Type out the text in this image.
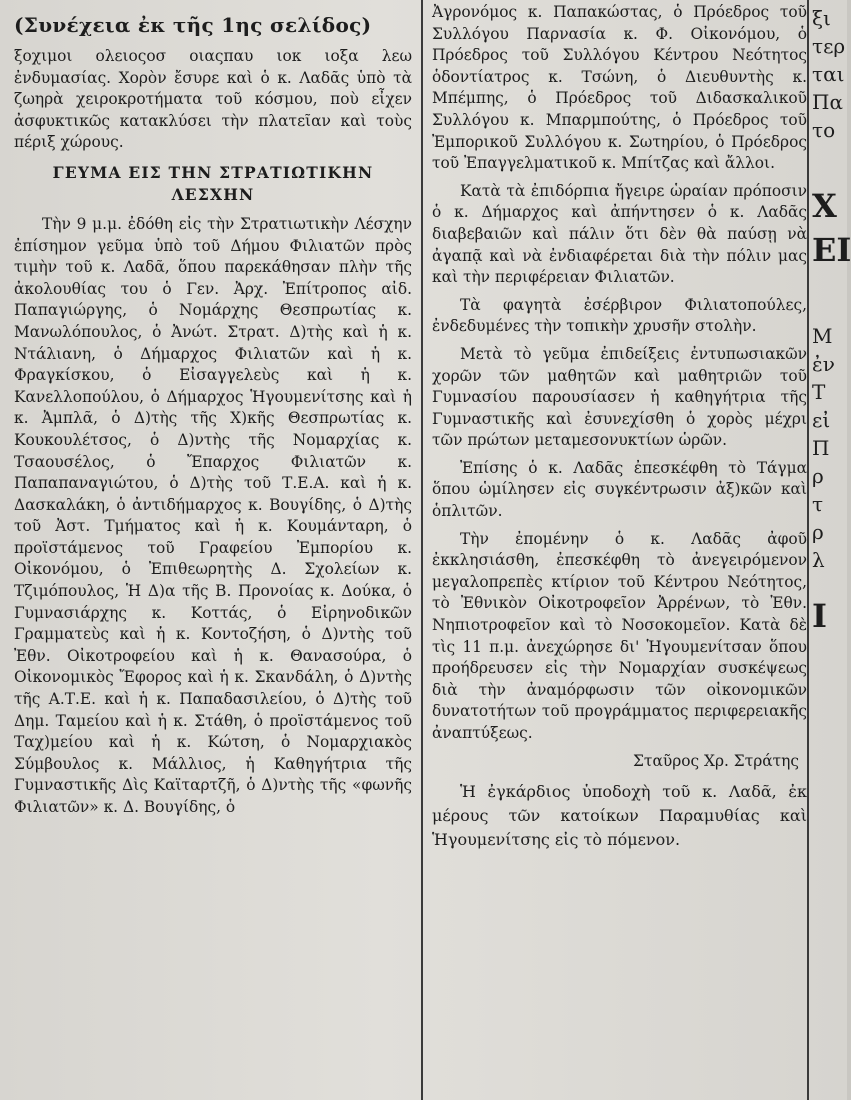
(Συνέχεια ἐκ τῆς 1ης σελίδος)

ξοχιμοι ολειοςοσ οιαςπαυ ιοκ ιοξα λεω ἐνδυμασίας. Χορὸν ἔσυρε καὶ ὁ κ. Λαδᾶς ὑπὸ τὰ ζωηρὰ χειροκροτήματα τοῦ κόσμου, ποὺ εἶχεν ἀσφυκτικῶς κατακλύσει τὴν πλατεῖαν καὶ τοὺς πέριξ χώρους.

ΓΕΥΜΑ ΕΙΣ ΤΗΝ ΣΤΡΑΤΙΩΤΙΚΗΝ ΛΕΣΧΗΝ

Τὴν 9 μ.μ. ἐδόθη εἰς τὴν Στρατιωτικὴν Λέσχην ἐπίσημον γεῦμα ὑπὸ τοῦ Δήμου Φιλιατῶν πρὸς τιμὴν τοῦ κ. Λαδᾶ, ὅπου παρεκάθησαν πλὴν τῆς ἀκολουθίας του ὁ Γεν. Ἀρχ. Ἐπίτροπος αἰδ. Παπαγιώργης, ὁ Νομάρχης Θεσπρωτίας κ. Μανωλόπουλος, ὁ Ἀνώτ. Στρατ. Δ)τὴς καὶ ἡ κ. Ντάλιανη, ὁ Δήμαρχος Φιλιατῶν καὶ ἡ κ. Φραγκίσκου, ὁ Εἰσαγγελεὺς καὶ ἡ κ. Κανελλοπούλου, ὁ Δήμαρχος Ἡγουμενίτσης καὶ ἡ κ. Ἀμπλᾶ, ὁ Δ)τὴς τῆς Χ)κῆς Θεσπρωτίας κ. Κουκουλέτσος, ὁ Δ)ντὴς τῆς Νομαρχίας κ. Τσαουσέλος, ὁ Ἔπαρχος Φιλιατῶν κ. Παπαπαναγιώτου, ὁ Δ)τὴς τοῦ Τ.Ε.Α. καὶ ἡ κ. Δασκαλάκη, ὁ ἀντιδήμαρχος κ. Βουγίδης, ὁ Δ)τὴς τοῦ Ἀστ. Τμήματος καὶ ἡ κ. Κουμάνταρη, ὁ προϊστάμενος τοῦ Γραφείου Ἐμπορίου κ. Οἰκονόμου, ὁ Ἐπιθεωρητὴς Δ. Σχολείων κ. Τζιμόπουλος, Ἡ Δ)α τῆς Β. Προνοίας κ. Δούκα, ὁ Γυμνασιάρχης κ. Κοττάς, ὁ Εἰρηνοδικῶν Γραμματεὺς καὶ ἡ κ. Κοντοζήση, ὁ Δ)ντὴς τοῦ Ἐθν. Οἰκοτροφείου καὶ ἡ κ. Θανασούρα, ὁ Οἰκονομικὸς Ἔφορος καὶ ἡ κ. Σκανδάλη, ὁ Δ)ντὴς τῆς Α.Τ.Ε. καὶ ἡ κ. Παπαδασιλείου, ὁ Δ)τὴς τοῦ Δημ. Ταμείου καὶ ἡ κ. Στάθη, ὁ προϊστάμενος τοῦ Ταχ)μείου καὶ ἡ κ. Κώτση, ὁ Νομαρχιακὸς Σύμβουλος κ. Μάλλιος, ἡ Καθηγήτρια τῆς Γυμναστικῆς Δὶς Καϊταρτζῆ, ὁ Δ)ντὴς τῆς «φωνῆς Φιλιατῶν» κ. Δ. Βουγίδης, ὁ

Ἀγρονόμος κ. Παπακώστας, ὁ Πρόεδρος τοῦ Συλλόγου Παρνασία κ. Φ. Οἰκονόμου, ὁ Πρόεδρος τοῦ Συλλόγου Κέντρου Νεότητος ὁδοντίατρος κ. Τσώνη, ὁ Διευθυντὴς κ. Μπέμπης, ὁ Πρόεδρος τοῦ Διδασκαλικοῦ Συλλόγου κ. Μπαρμπούτης, ὁ Πρόεδρος τοῦ Ἐμπορικοῦ Συλλόγου κ. Σωτηρίου, ὁ Πρόεδρος τοῦ Ἐπαγγελματικοῦ κ. Μπίτζας καὶ ἄλλοι.

Κατὰ τὰ ἐπιδόρπια ἤγειρε ὡραίαν πρόποσιν ὁ κ. Δήμαρχος καὶ ἀπήντησεν ὁ κ. Λαδᾶς διαβεβαιῶν καὶ πάλιν ὅτι δὲν θὰ παύσῃ νὰ ἀγαπᾷ καὶ νὰ ἐνδιαφέρεται διὰ τὴν πόλιν μας καὶ τὴν περιφέρειαν Φιλιατῶν.

Τὰ φαγητὰ ἐσέρβιρον Φιλιατοπούλες, ἐνδεδυμένες τὴν τοπικὴν χρυσῆν στολὴν.

Μετὰ τὸ γεῦμα ἐπιδείξεις ἐντυπωσιακῶν χορῶν τῶν μαθητῶν καὶ μαθητριῶν τοῦ Γυμνασίου παρουσίασεν ἡ καθηγήτρια τῆς Γυμναστικῆς καὶ ἐσυνεχίσθη ὁ χορὸς μέχρι τῶν πρώτων μεταμεσονυκτίων ὡρῶν.

Ἐπίσης ὁ κ. Λαδᾶς ἐπεσκέφθη τὸ Τάγμα ὅπου ὡμίλησεν εἰς συγκέντρωσιν ἀξ)κῶν καὶ ὁπλιτῶν.

Τὴν ἐπομένην ὁ κ. Λαδᾶς ἀφοῦ ἐκκλησιάσθη, ἐπεσκέφθη τὸ ἀνεγειρόμενον μεγαλοπρεπὲς κτίριον τοῦ Κέντρου Νεότητος, τὸ Ἐθνικὸν Οἰκοτροφεῖον Ἀρρένων, τὸ Ἐθν. Νηπιοτροφεῖον καὶ τὸ Νοσοκομεῖον. Κατὰ δὲ τὶς 11 π.μ. ἀνεχώρησε δι' Ἡγουμενίτσαν ὅπου προήδρευσεν εἰς τὴν Νομαρχίαν συσκέψεως διὰ τὴν ἀναμόρφωσιν τῶν οἰκονομικῶν δυνατοτήτων τοῦ προγράμματος περιφερειακῆς ἀναπτύξεως.

Σταῦρος Χρ. Στράτης

Ἡ ἐγκάρδιος ὑποδοχὴ τοῦ κ. Λαδᾶ, ἐκ μέρους τῶν κατοίκων Παραμυθίας καὶ Ἡγουμενίτσης εἰς τὸ πόμενον.

ξι
τερ
ται
Πα
το
Χ
ΕΙ
Μ
ἐν
Τ
εἰ
Π
ρ
τ
ρ
λ
Ι
